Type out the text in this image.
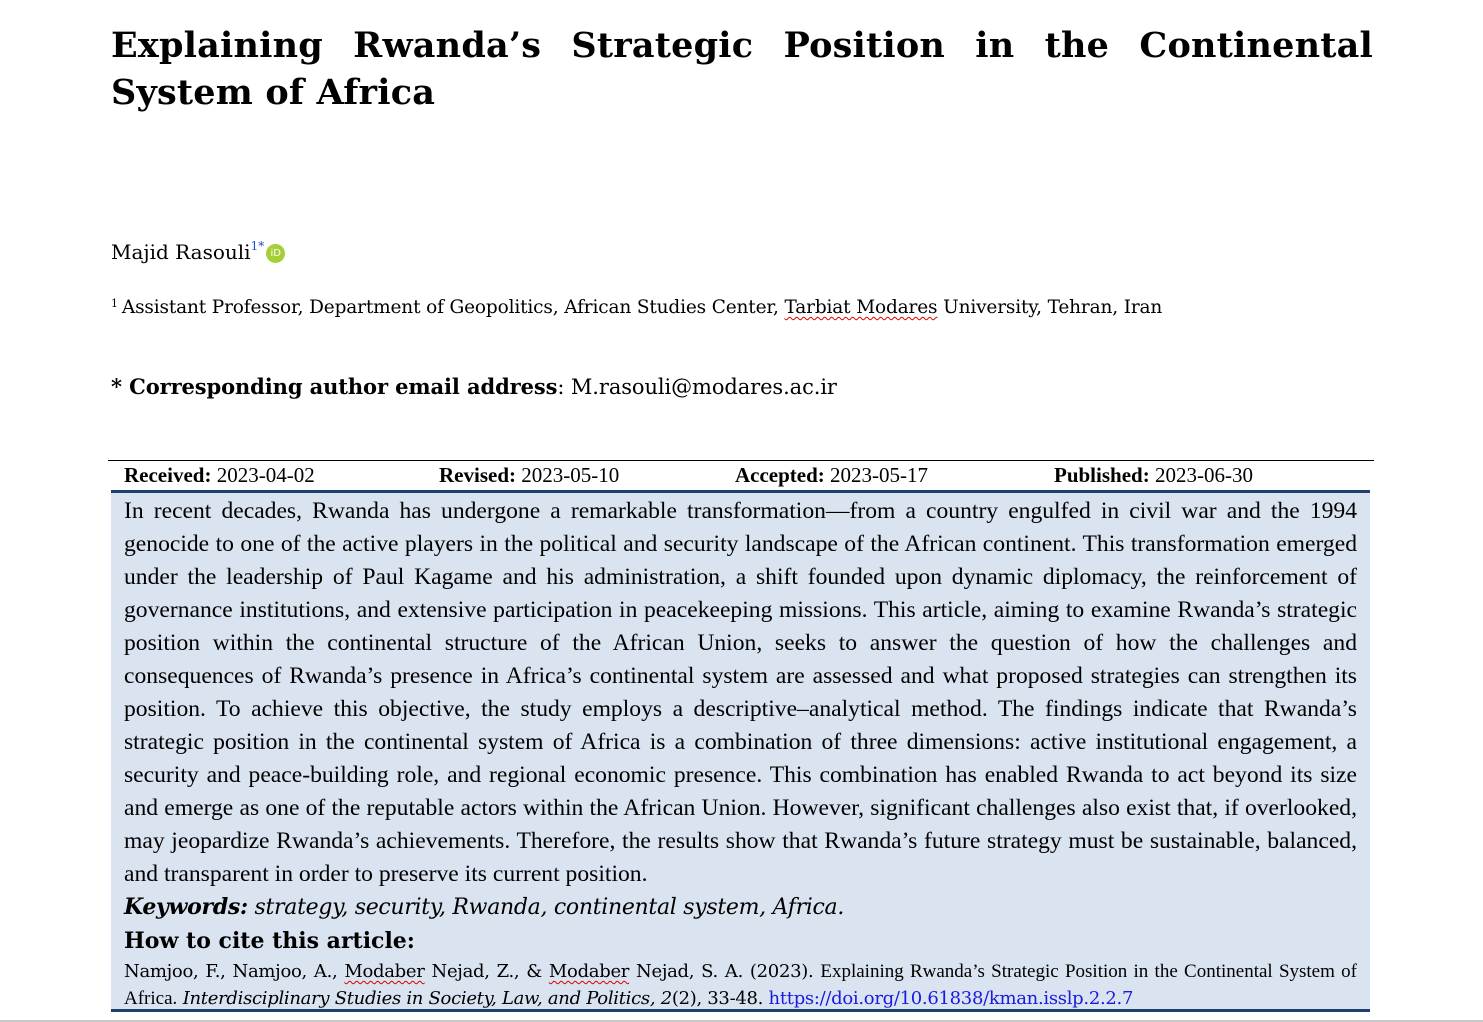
Explaining Rwanda’s Strategic Position in the Continental System of Africa
Majid Rasouli$^{1*}$iD
$^1$ Assistant Professor, Department of Geopolitics, African Studies Center, Tarbiat Modares University, Tehran, Iran
* Corresponding author email address: M.rasouli@modares.ac.ir
Received: 2023-04-02	Revised: 2023-05-10	Accepted: 2023-05-17	Published: 2023-06-30

In recent decades, Rwanda has undergone a remarkable transformation—from a country engulfed in civil war and the 1994 genocide to one of the active players in the political and security landscape of the African continent. This transformation emerged under the leadership of Paul Kagame and his administration, a shift founded upon dynamic diplomacy, the reinforcement of governance institutions, and extensive participation in peacekeeping missions. This article, aiming to examine Rwanda’s strategic position within the continental structure of the African Union, seeks to answer the question of how the challenges and consequences of Rwanda’s presence in Africa’s continental system are assessed and what proposed strategies can strengthen its position. To achieve this objective, the study employs a descriptive–analytical method. The findings indicate that Rwanda’s strategic position in the continental system of Africa is a combination of three dimensions: active institutional engagement, a security and peace-building role, and regional economic presence. This combination has enabled Rwanda to act beyond its size and emerge as one of the reputable actors within the African Union. However, significant challenges also exist that, if overlooked, may jeopardize Rwanda’s achievements. Therefore, the results show that Rwanda’s future strategy must be sustainable, balanced, and transparent in order to preserve its current position.

Keywords: strategy, security, Rwanda, continental system, Africa.
How to cite this article:

Namjoo, F., Namjoo, A., Modaber Nejad, Z., & Modaber Nejad, S. A. (2023). Explaining Rwanda’s Strategic Position in the Continental System of Africa. Interdisciplinary Studies in Society, Law, and Politics, 2(2), 33-48. https://doi.org/10.61838/kman.isslp.2.2.7
